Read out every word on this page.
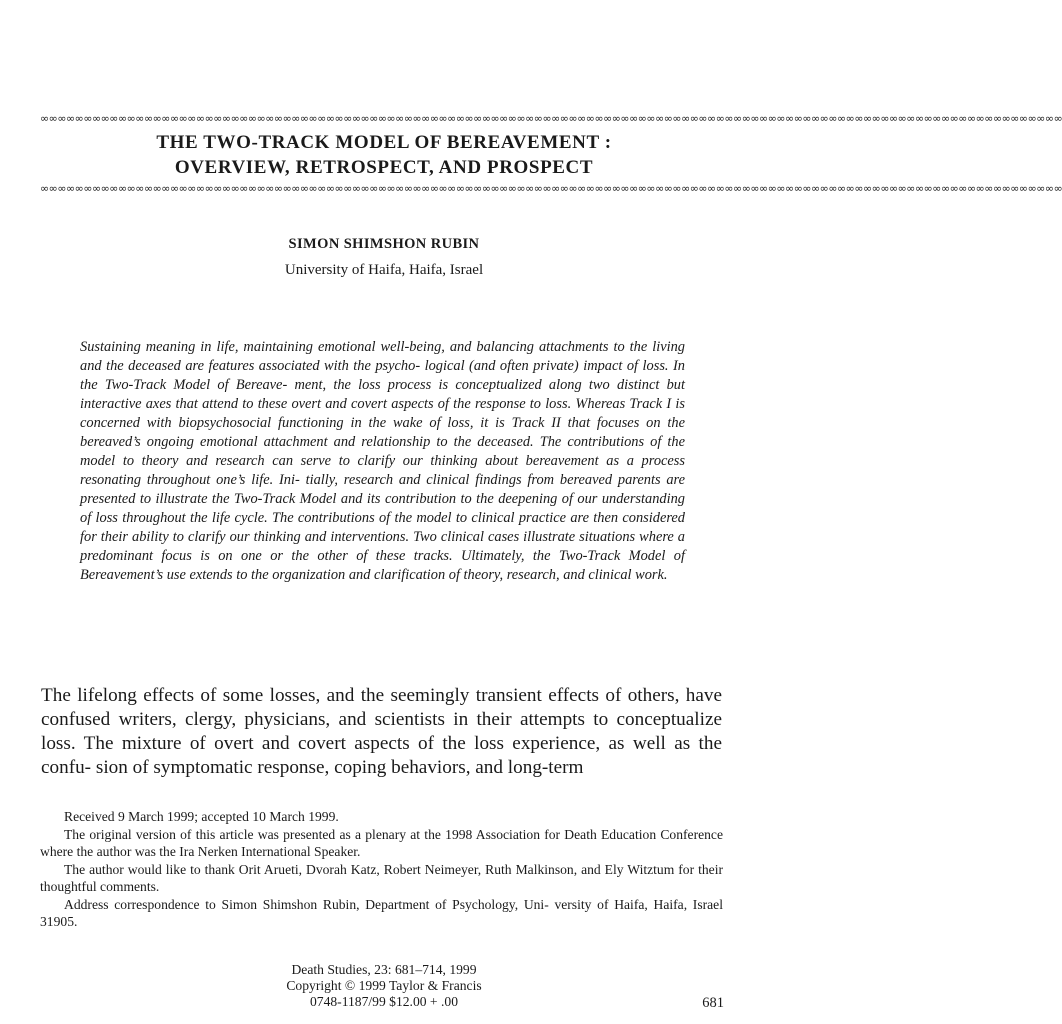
∞∞∞∞∞∞∞∞∞∞∞∞∞∞∞∞∞∞∞∞∞∞∞∞∞∞∞∞∞∞∞∞∞∞∞∞∞∞∞∞∞∞∞∞∞∞∞∞∞∞∞∞∞∞∞∞∞∞∞∞∞∞∞∞∞∞∞∞∞∞∞∞∞∞∞∞∞∞∞∞∞∞∞∞∞∞∞∞∞∞∞∞∞∞∞∞∞∞∞∞∞∞∞∞∞∞∞∞∞∞∞∞∞∞∞∞∞∞
THE TWO-TRACK MODEL OF BEREAVEMENT :
OVERVIEW, RETROSPECT, AND PROSPECT
∞∞∞∞∞∞∞∞∞∞∞∞∞∞∞∞∞∞∞∞∞∞∞∞∞∞∞∞∞∞∞∞∞∞∞∞∞∞∞∞∞∞∞∞∞∞∞∞∞∞∞∞∞∞∞∞∞∞∞∞∞∞∞∞∞∞∞∞∞∞∞∞∞∞∞∞∞∞∞∞∞∞∞∞∞∞∞∞∞∞∞∞∞∞∞∞∞∞∞∞∞∞∞∞∞∞∞∞∞∞∞∞∞∞∞∞∞∞
SIMON SHIMSHON RUBIN
University of Haifa, Haifa, Israel

Sustaining meaning in life, maintaining emotional well-being, and balancing attachments to the living and the deceased are features associated with the psycho- logical (and often private) impact of loss. In the Two-Track Model of Bereave- ment, the loss process is conceptualized along two distinct but interactive axes that attend to these overt and covert aspects of the response to loss. Whereas Track I is concerned with biopsychosocial functioning in the wake of loss, it is Track II that focuses on the bereaved’s ongoing emotional attachment and relationship to the deceased. The contributions of the model to theory and research can serve to clarify our thinking about bereavement as a process resonating throughout one’s life. Ini- tially, research and clinical findings from bereaved parents are presented to illustrate the Two-Track Model and its contribution to the deepening of our understanding of loss throughout the life cycle. The contributions of the model to clinical practice are then considered for their ability to clarify our thinking and interventions. Two clinical cases illustrate situations where a predominant focus is on one or the other of these tracks. Ultimately, the Two-Track Model of Bereavement’s use extends to the organization and clarification of theory, research, and clinical work.

The lifelong effects of some losses, and the seemingly transient effects of others, have confused writers, clergy, physicians, and scientists in their attempts to conceptualize loss. The mixture of overt and covert aspects of the loss experience, as well as the confu- sion of symptomatic response, coping behaviors, and long-term

Received 9 March 1999; accepted 10 March 1999.

The original version of this article was presented as a plenary at the 1998 Association for Death Education Conference where the author was the Ira Nerken International Speaker.

The author would like to thank Orit Arueti, Dvorah Katz, Robert Neimeyer, Ruth Malkinson, and Ely Witztum for their thoughtful comments.

Address correspondence to Simon Shimshon Rubin, Department of Psychology, Uni- versity of Haifa, Haifa, Israel 31905.

Death Studies, 23: 681–714, 1999
Copyright © 1999 Taylor & Francis
0748-1187/99 $12.00 + .00	681
